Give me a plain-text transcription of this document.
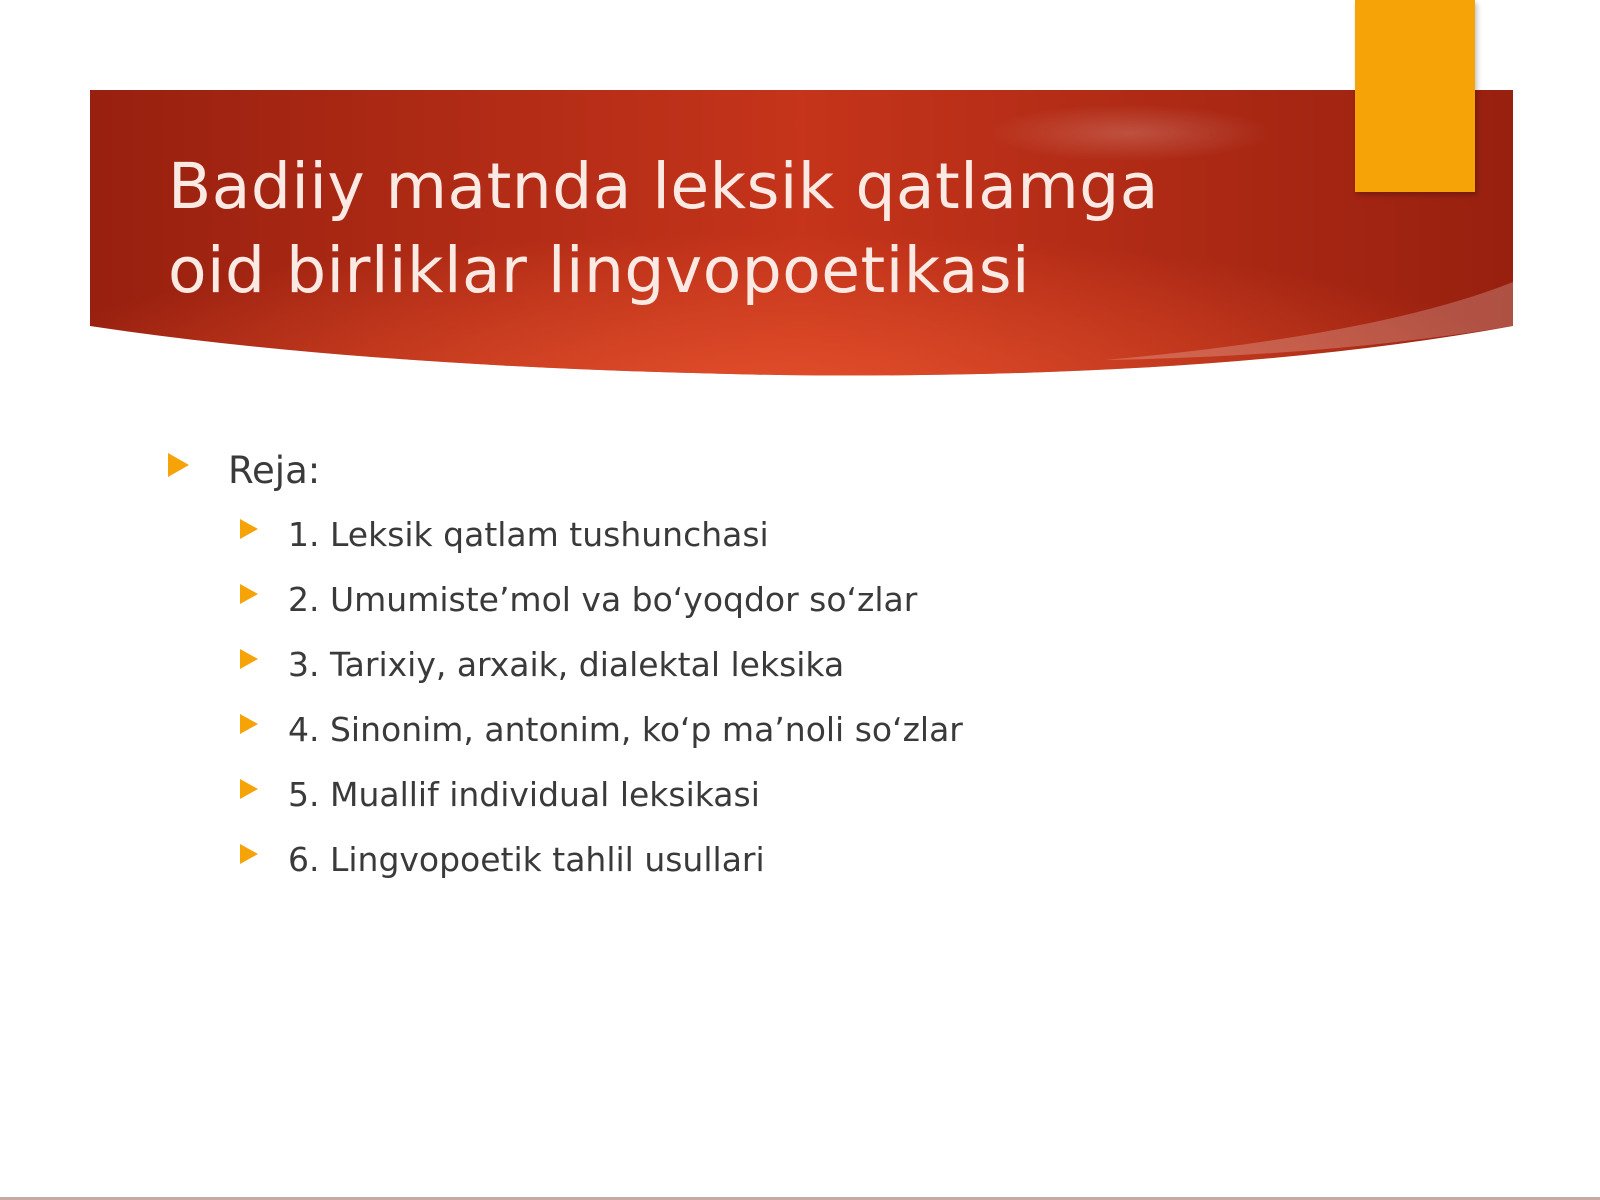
Badiiy matnda leksik qatlamga
oid birliklar lingvopoetikasi
Reja:
1. Leksik qatlam tushunchasi
2. Umumiste’mol va bo‘yoqdor so‘zlar
3. Tarixiy, arxaik, dialektal leksika
4. Sinonim, antonim, ko‘p ma’noli so‘zlar
5. Muallif individual leksikasi
6. Lingvopoetik tahlil usullari
